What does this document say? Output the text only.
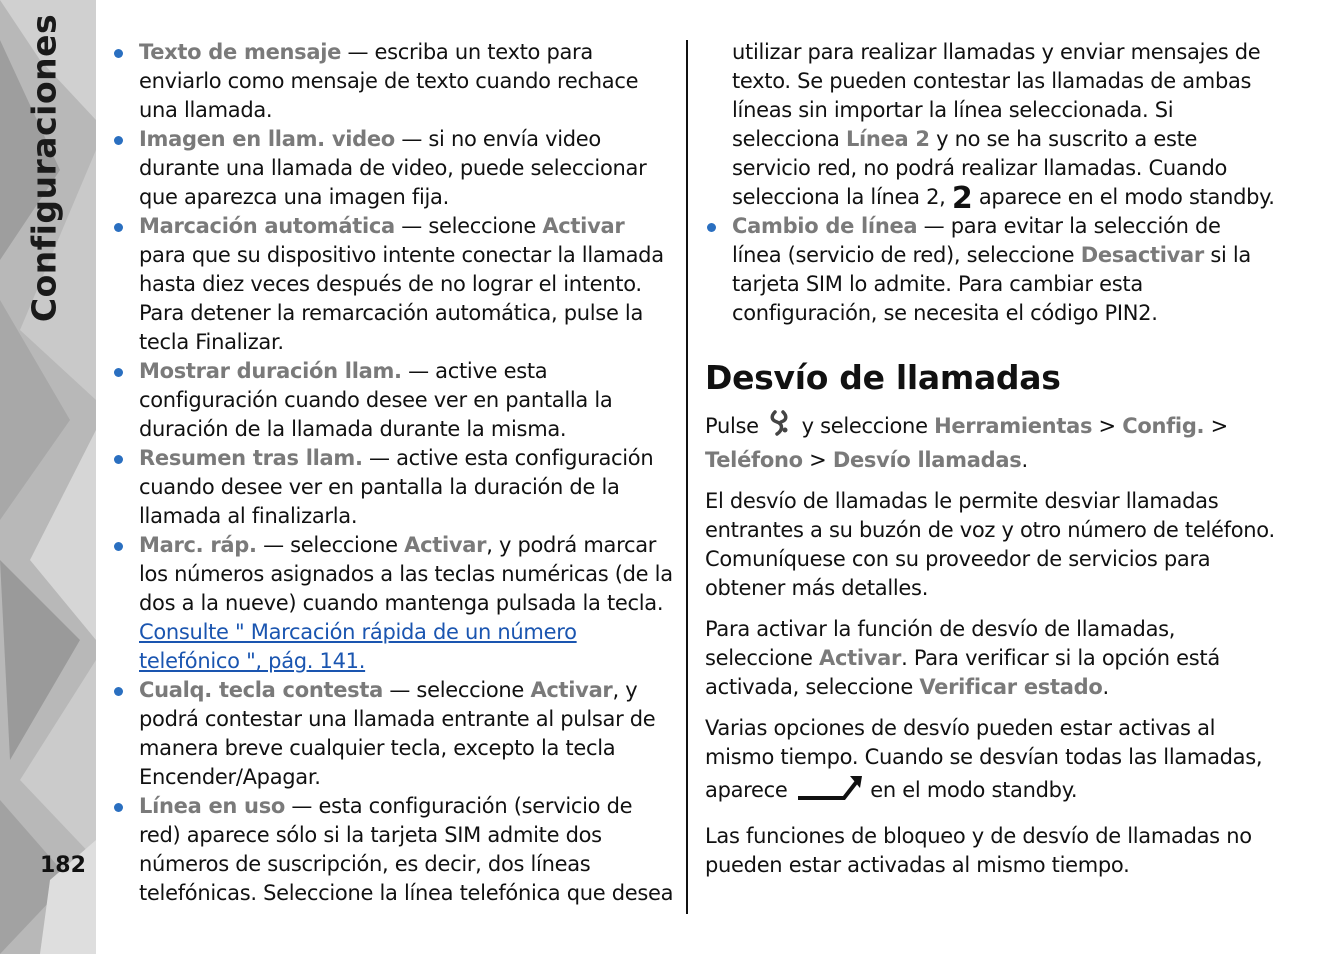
Configuraciones
182
Texto de mensaje — escriba un texto para enviarlo como mensaje de texto cuando rechace una llamada.
Imagen en llam. video — si no envía video durante una llamada de video, puede seleccionar que aparezca una imagen fija.
Marcación automática — seleccione Activar para que su dispositivo intente conectar la llamada hasta diez veces después de no lograr el intento. Para detener la remarcación automática, pulse la tecla Finalizar.
Mostrar duración llam. — active esta configuración cuando desee ver en pantalla la duración de la llamada durante la misma.
Resumen tras llam. — active esta configuración cuando desee ver en pantalla la duración de la llamada al finalizarla.
Marc. ráp. — seleccione Activar, y podrá marcar los números asignados a las teclas numéricas (de la dos a la nueve) cuando mantenga pulsada la tecla. Consulte " Marcación rápida de un número telefónico ", pág. 141.
Cualq. tecla contesta — seleccione Activar, y podrá contestar una llamada entrante al pulsar de manera breve cualquier tecla, excepto la tecla Encender/Apagar.
Línea en uso — esta configuración (servicio de red) aparece sólo si la tarjeta SIM admite dos números de suscripción, es decir, dos líneas telefónicas. Seleccione la línea telefónica que desea

utilizar para realizar llamadas y enviar mensajes de texto. Se pueden contestar las llamadas de ambas líneas sin importar la línea seleccionada. Si selecciona Línea 2 y no se ha suscrito a este servicio red, no podrá realizar llamadas. Cuando selecciona la línea 2, 2 aparece en el modo standby.

Cambio de línea — para evitar la selección de línea (servicio de red), seleccione Desactivar si la tarjeta SIM lo admite. Para cambiar esta configuración, se necesita el código PIN2.
Desvío de llamadas

Pulse  y seleccione Herramientas > Config. > Teléfono > Desvío llamadas.

El desvío de llamadas le permite desviar llamadas entrantes a su buzón de voz y otro número de teléfono. Comuníquese con su proveedor de servicios para obtener más detalles.

Para activar la función de desvío de llamadas, seleccione Activar. Para verificar si la opción está activada, seleccione Verificar estado.

Varias opciones de desvío pueden estar activas al mismo tiempo. Cuando se desvían todas las llamadas, aparece	en el modo standby.

Las funciones de bloqueo y de desvío de llamadas no pueden estar activadas al mismo tiempo.
